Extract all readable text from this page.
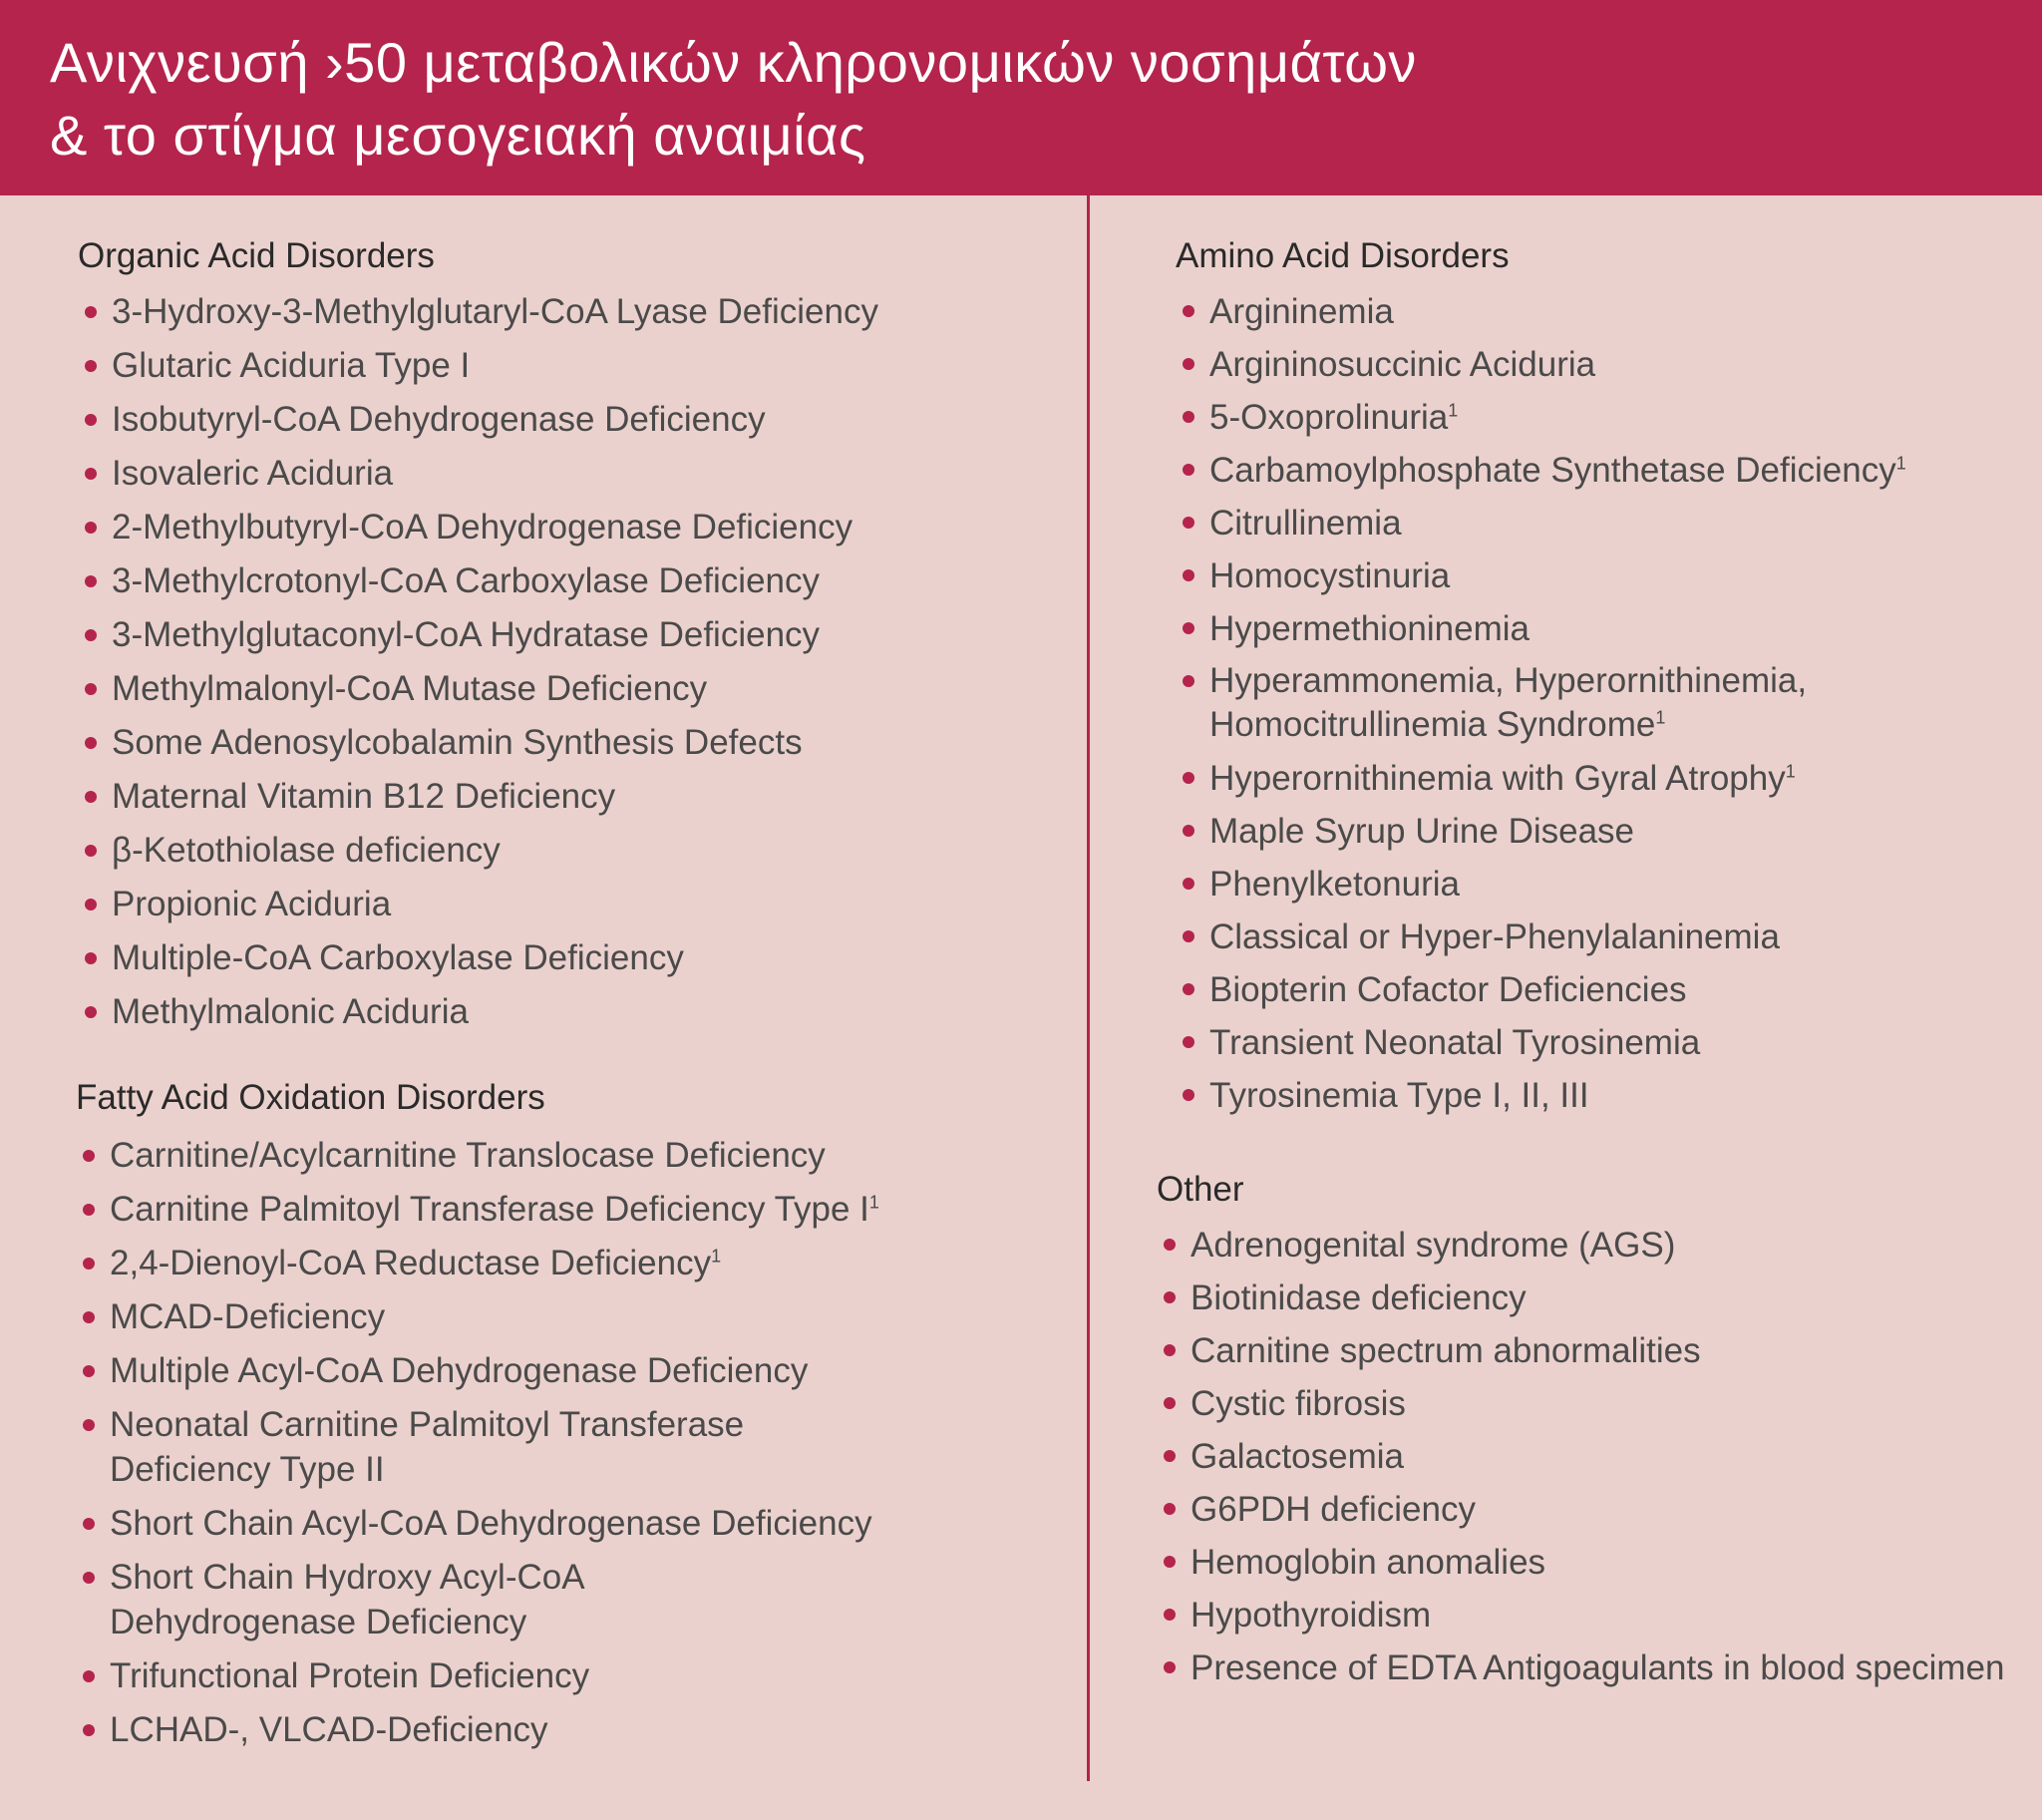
Ανιχνευσή ›50 μεταβολικών κληρονομικών νοσημάτων
& το στίγμα μεσογειακή αναιμίας
Organic Acid Disorders
3-Hydroxy-3-Methylglutaryl-CoA Lyase Deficiency
Glutaric Aciduria Type I
Isobutyryl-CoA Dehydrogenase Deficiency
Isovaleric Aciduria
2-Methylbutyryl-CoA Dehydrogenase Deficiency
3-Methylcrotonyl-CoA Carboxylase Deficiency
3-Methylglutaconyl-CoA Hydratase Deficiency
Methylmalonyl-CoA Mutase Deficiency
Some Adenosylcobalamin Synthesis Defects
Maternal Vitamin B12 Deficiency
β-Ketothiolase deficiency
Propionic Aciduria
Multiple-CoA Carboxylase Deficiency
Methylmalonic Aciduria
Fatty Acid Oxidation Disorders
Carnitine/Acylcarnitine Translocase Deficiency
Carnitine Palmitoyl Transferase Deficiency Type $I^1$
2,4-Dienoyl-CoA Reductase Deficiency$^1$
MCAD-Deficiency
Multiple Acyl-CoA Dehydrogenase Deficiency
Neonatal Carnitine Palmitoyl Transferase
Deficiency Type II
Short Chain Acyl-CoA Dehydrogenase Deficiency
Short Chain Hydroxy Acyl-CoA
Dehydrogenase Deficiency
Trifunctional Protein Deficiency
LCHAD-, VLCAD-Deficiency
Amino Acid Disorders
Argininemia
Argininosuccinic Aciduria
5-Oxoprolinuria$^1$
Carbamoylphosphate Synthetase Deficiency$^1$
Citrullinemia
Homocystinuria
Hypermethioninemia
Hyperammonemia, Hyperornithinemia,
Homocitrullinemia Syndrome$^1$
Hyperornithinemia with Gyral Atrophy$^1$
Maple Syrup Urine Disease
Phenylketonuria
Classical or Hyper-Phenylalaninemia
Biopterin Cofactor Deficiencies
Transient Neonatal Tyrosinemia
Tyrosinemia Type I, II, III
Other
Adrenogenital syndrome (AGS)
Biotinidase deficiency
Carnitine spectrum abnormalities
Cystic fibrosis
Galactosemia
G6PDH deficiency
Hemoglobin anomalies
Hypothyroidism
Presence of EDTA Antigoagulants in blood specimen
